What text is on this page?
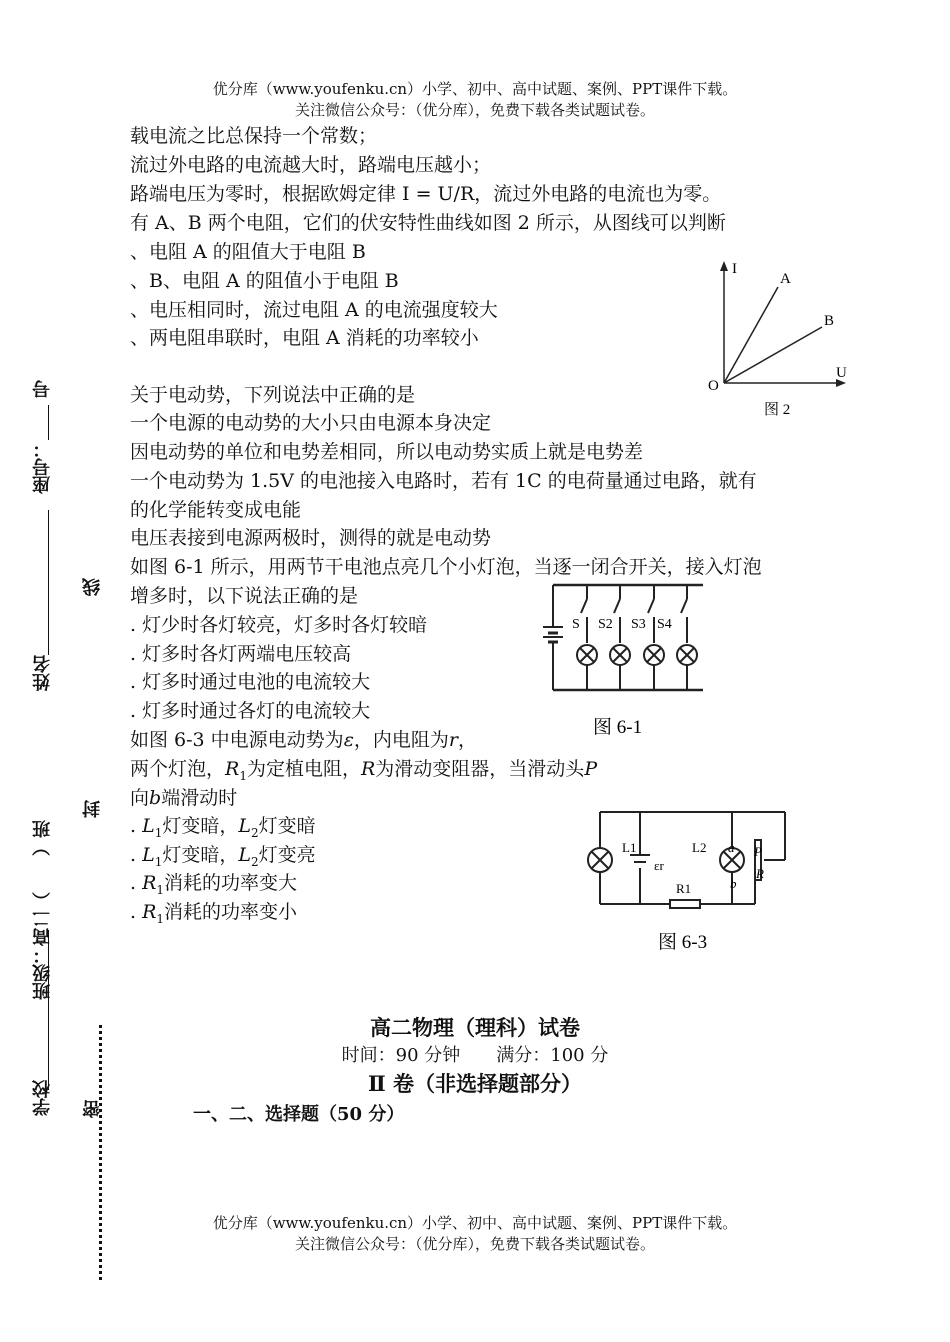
优分库（www.youfenku.cn）小学、初中、高中试题、案例、PPT课件下载。
关注微信公众号：（优分库），免费下载各类试题试卷。
学校
班级：高二（　　）班
姓名
座号：
号
线
封
密
载电流之比总保持一个常数；
流过外电路的电流越大时，路端电压越小；
路端电压为零时，根据欧姆定律 I = U/R，流过外电路的电流也为零。
有 A、B 两个电阻，它们的伏安特性曲线如图 2 所示，从图线可以判断
、电阻 A 的阻值大于电阻 B
、B、电阻 A 的阻值小于电阻 B
、电压相同时，流过电阻 A 的电流强度较大
、两电阻串联时，电阻 A 消耗的功率较小
关于电动势，下列说法中正确的是
一个电源的电动势的大小只由电源本身决定
因电动势的单位和电势差相同，所以电动势实质上就是电势差
一个电动势为 1.5V 的电池接入电路时，若有 1C 的电荷量通过电路，就有
的化学能转变成电能
电压表接到电源两极时，测得的就是电动势
如图 6-1 所示，用两节干电池点亮几个小灯泡，当逐一闭合开关，接入灯泡
增多时，以下说法正确的是
. 灯少时各灯较亮，灯多时各灯较暗
. 灯多时各灯两端电压较高
. 灯多时通过电池的电流较大
. 灯多时通过各灯的电流较大
如图 6-3 中电源电动势为ε，内电阻为r，
两个灯泡，$R_1$为定植电阻，R为滑动变阻器，当滑动头P
向b端滑动时
. $L_1$灯变暗，$L_2$灯变暗
. $L_1$灯变暗，$L_2$灯变亮
. $R_1$消耗的功率变大
. $R_1$消耗的功率变小
I
U
O
A
B
图 2
S S2 S3 S4
图 6-1
L1	L2
εr
R1
a
b
P
R
图 6-3
高二物理（理科）试卷
时间：90 分钟　　满分：100 分
Ⅱ 卷（非选择题部分）
一、二、选择题（50 分）
优分库（www.youfenku.cn）小学、初中、高中试题、案例、PPT课件下载。
关注微信公众号：（优分库），免费下载各类试题试卷。
